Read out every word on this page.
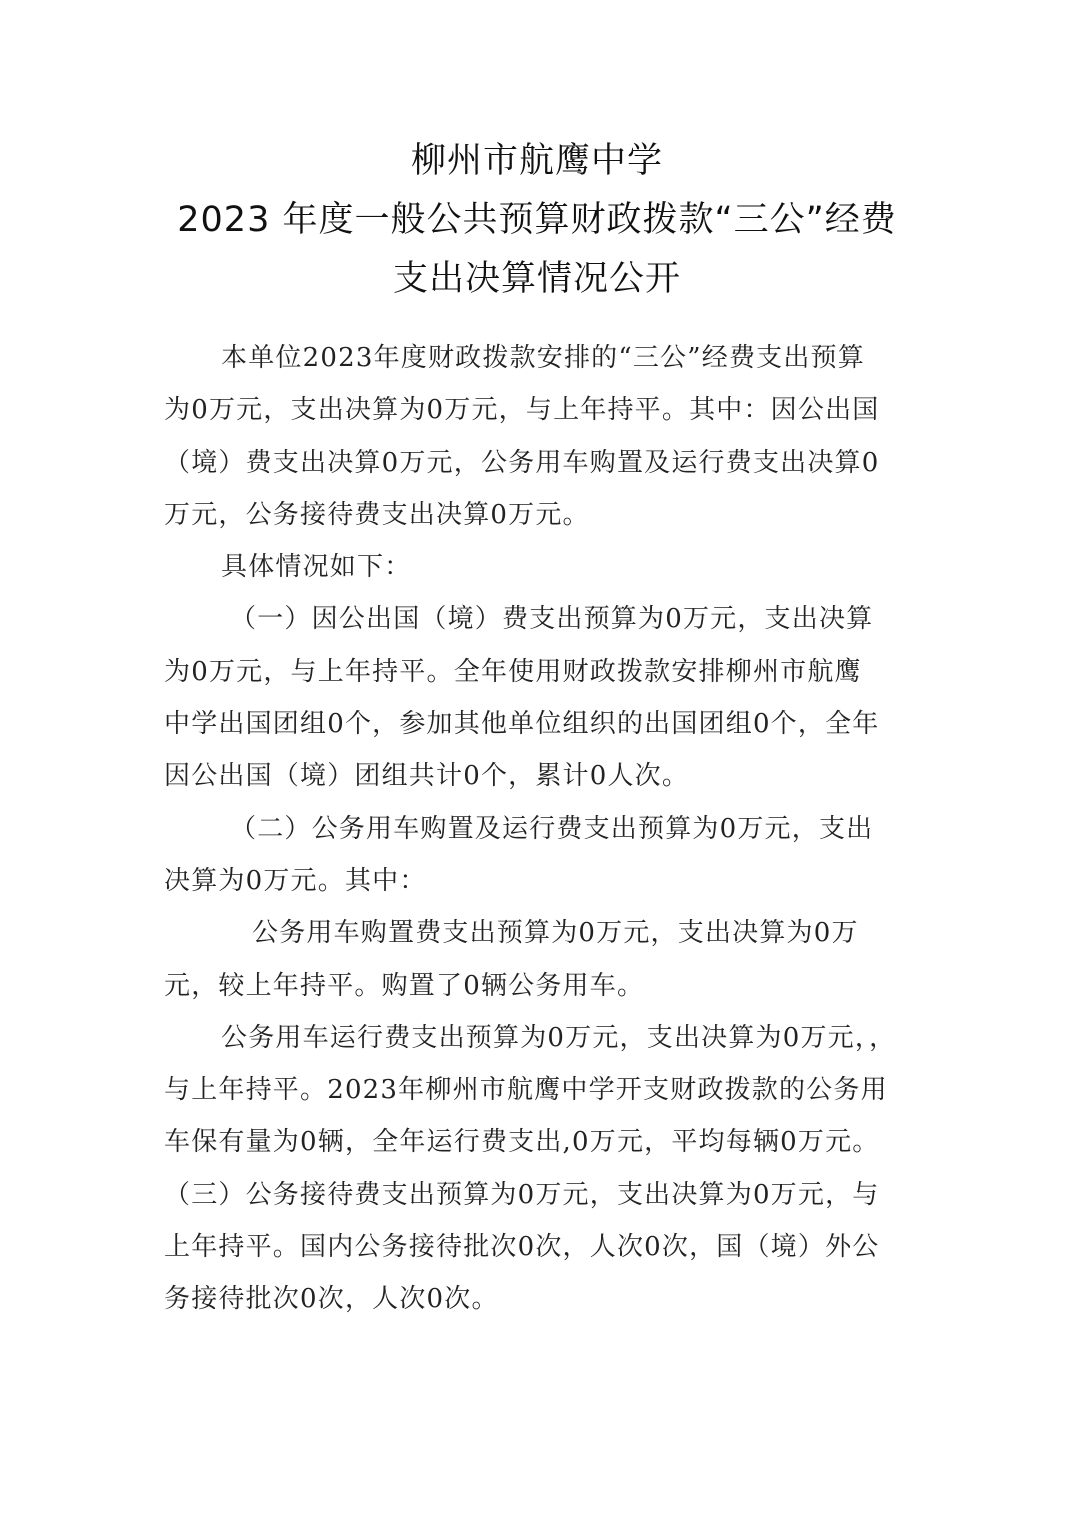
柳州市航鹰中学
2023 年度一般公共预算财政拨款“三公”经费
支出决算情况公开
本单位2023年度财政拨款安排的“三公”经费支出预算
为0万元，支出决算为0万元，与上年持平。其中：因公出国
（境）费支出决算0万元，公务用车购置及运行费支出决算0
万元，公务接待费支出决算0万元。
具体情况如下：
（一）因公出国（境）费支出预算为0万元，支出决算
为0万元，与上年持平。全年使用财政拨款安排柳州市航鹰
中学出国团组0个，参加其他单位组织的出国团组0个，全年
因公出国（境）团组共计0个，累计0人次。
（二）公务用车购置及运行费支出预算为0万元，支出
决算为0万元。其中：
公务用车购置费支出预算为0万元，支出决算为0万
元，较上年持平。购置了0辆公务用车。
公务用车运行费支出预算为0万元，支出决算为0万元，，
与上年持平。2023年柳州市航鹰中学开支财政拨款的公务用
车保有量为0辆，全年运行费支出,0万元，平均每辆0万元。
（三）公务接待费支出预算为0万元，支出决算为0万元，与
上年持平。国内公务接待批次0次，人次0次，国（境）外公
务接待批次0次，人次0次。
